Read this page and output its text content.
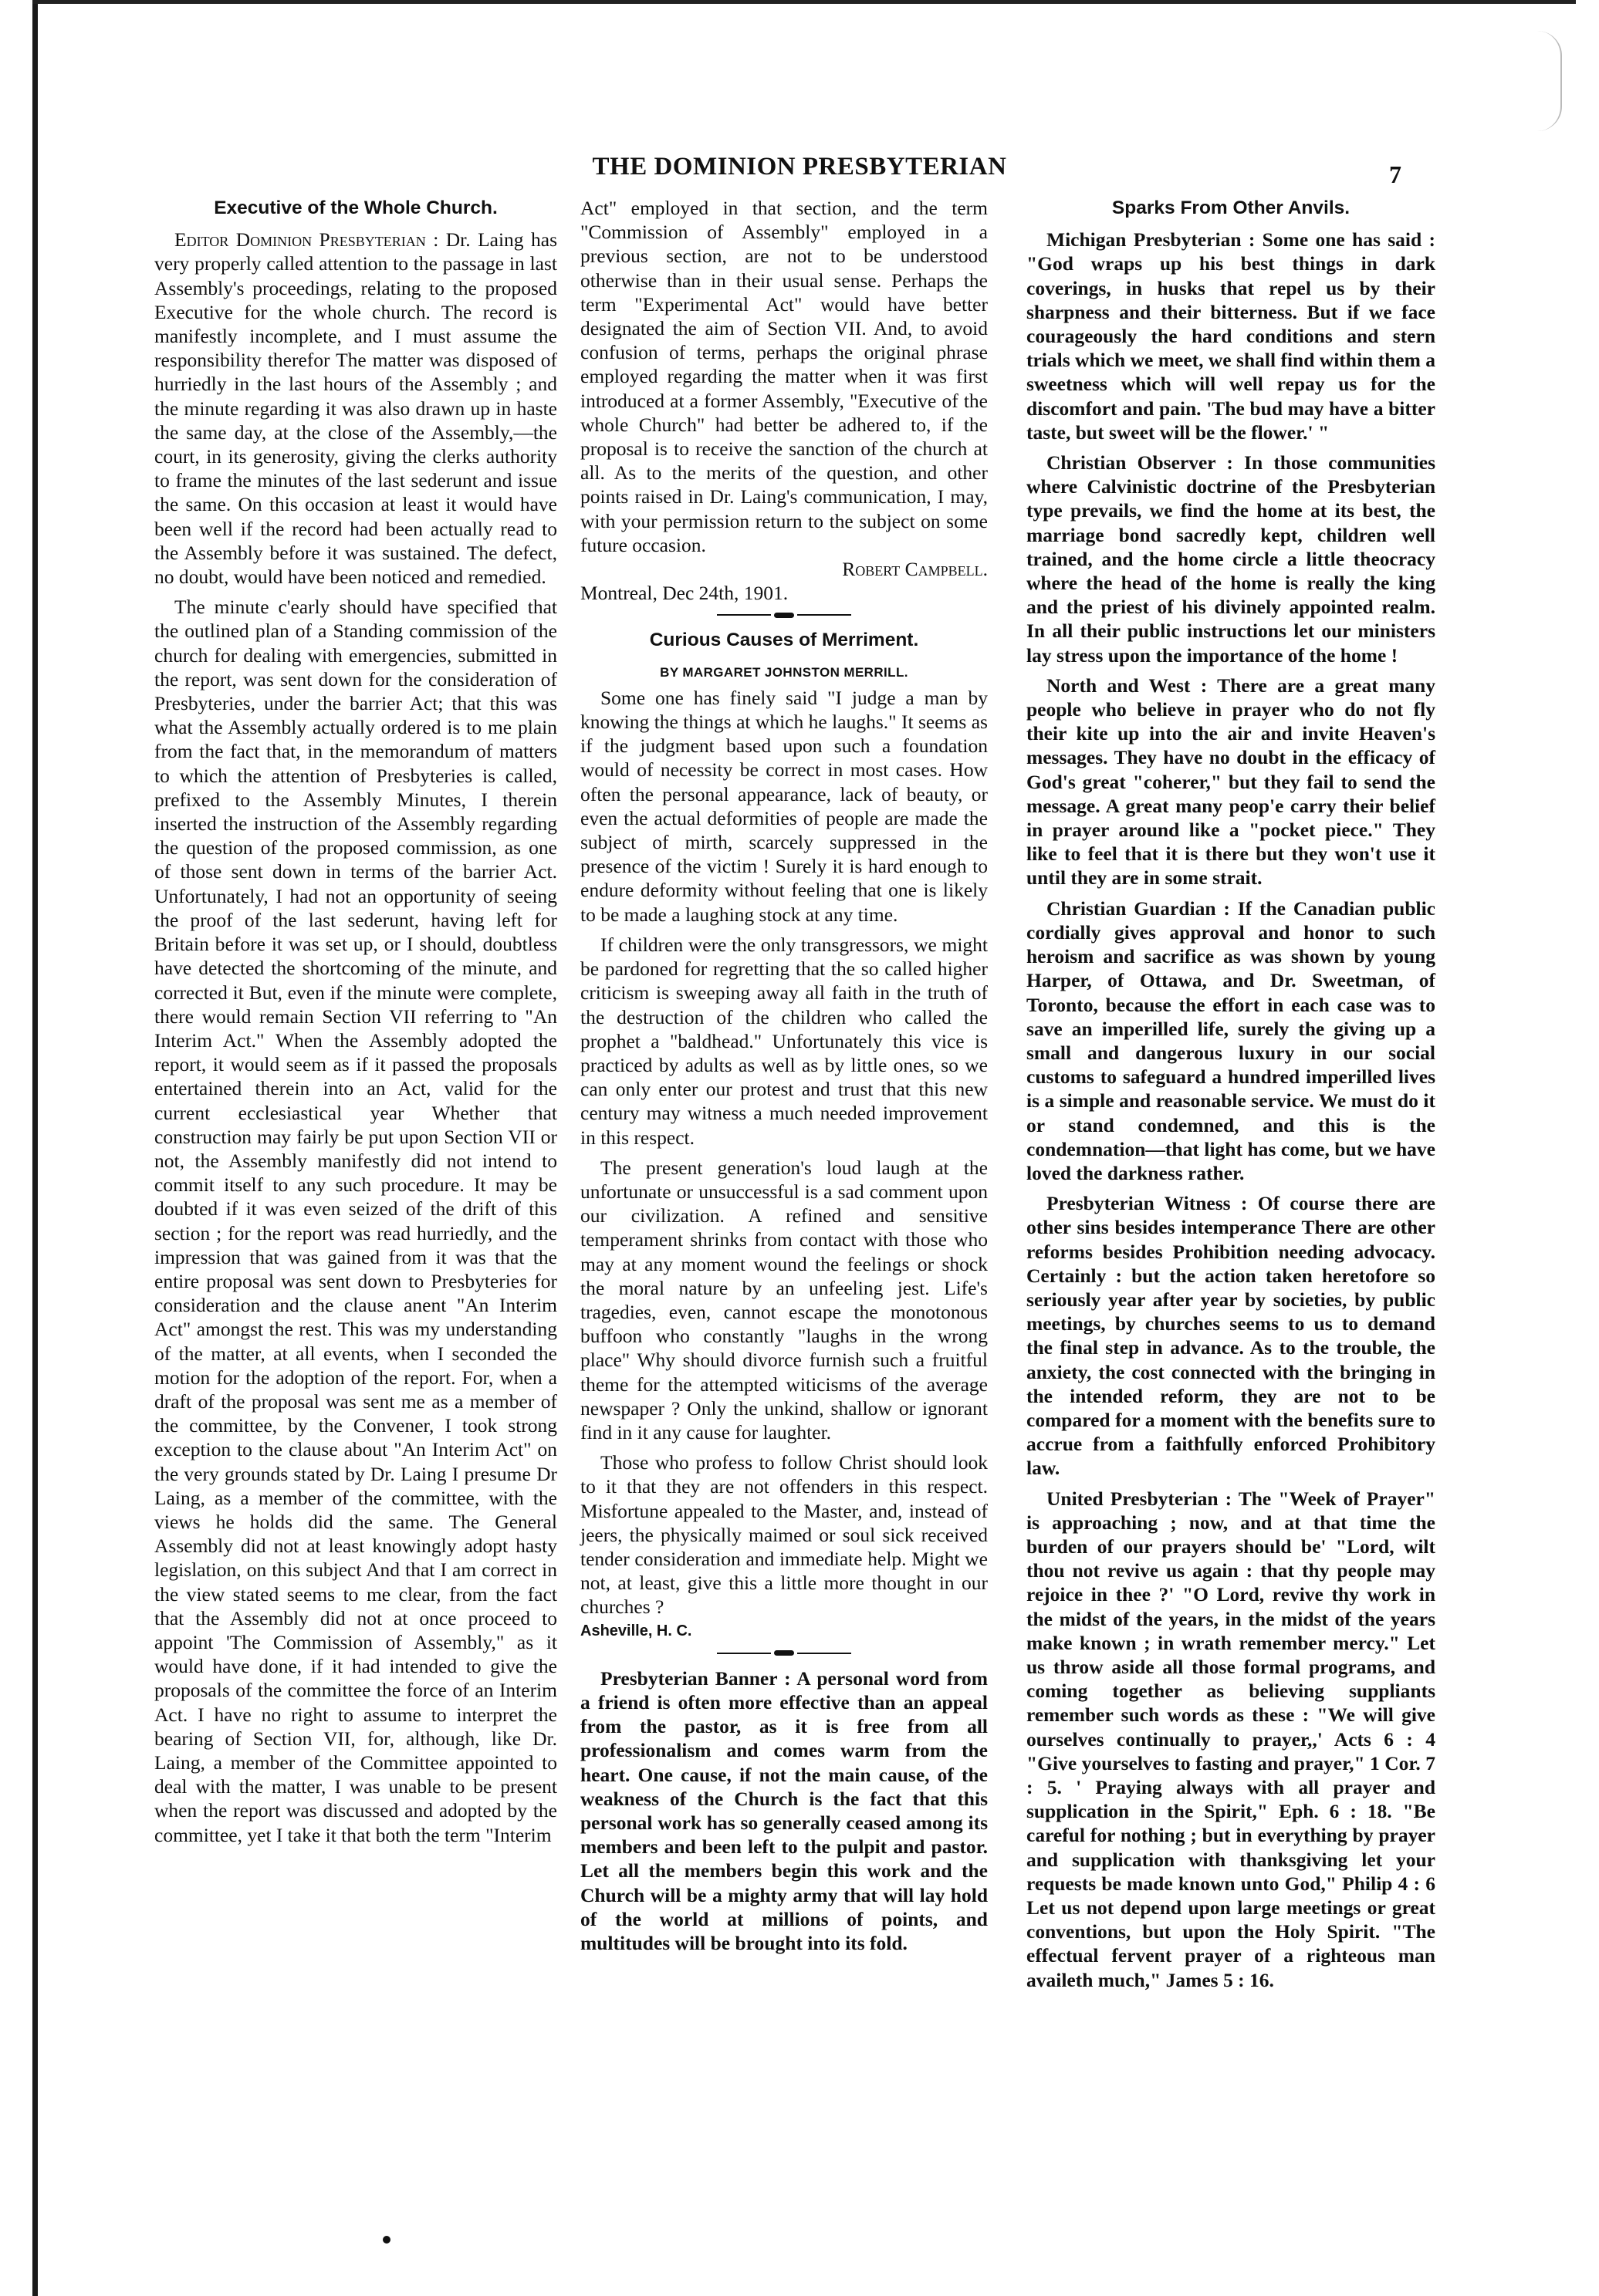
THE DOMINION PRESBYTERIAN	7
Executive of the Whole Church.

Editor Dominion Presbyterian : Dr. Laing has very properly called attention to the passage in last Assembly's proceedings, relating to the proposed Executive for the whole church. The record is manifestly incomplete, and I must assume the responsibility therefor The matter was disposed of hurriedly in the last hours of the Assembly ; and the minute regarding it was also drawn up in haste the same day, at the close of the Assembly,—the court, in its generosity, giving the clerks authority to frame the minutes of the last sederunt and issue the same. On this occasion at least it would have been well if the record had been actually read to the Assembly before it was sustained. The defect, no doubt, would have been noticed and remedied.

The minute c'early should have specified that the outlined plan of a Standing commission of the church for dealing with emergencies, submitted in the report, was sent down for the consideration of Presbyteries, under the barrier Act; that this was what the Assembly actually ordered is to me plain from the fact that, in the memorandum of matters to which the attention of Presbyteries is called, prefixed to the Assembly Minutes, I therein inserted the instruction of the Assembly regarding the question of the proposed commission, as one of those sent down in terms of the barrier Act. Unfortunately, I had not an opportunity of seeing the proof of the last sederunt, having left for Britain before it was set up, or I should, doubtless have detected the shortcoming of the minute, and corrected it But, even if the minute were complete, there would remain Section VII referring to "An Interim Act." When the Assembly adopted the report, it would seem as if it passed the proposals entertained therein into an Act, valid for the current ecclesiastical year Whether that construction may fairly be put upon Section VII or not, the Assembly manifestly did not intend to commit itself to any such procedure. It may be doubted if it was even seized of the drift of this section ; for the report was read hurriedly, and the impression that was gained from it was that the entire proposal was sent down to Presbyteries for consideration and the clause anent "An Interim Act" amongst the rest. This was my understanding of the matter, at all events, when I seconded the motion for the adoption of the report. For, when a draft of the proposal was sent me as a member of the committee, by the Convener, I took strong exception to the clause about "An Interim Act" on the very grounds stated by Dr. Laing I presume Dr Laing, as a member of the committee, with the views he holds did the same. The General Assembly did not at least knowingly adopt hasty legislation, on this subject And that I am correct in the view stated seems to me clear, from the fact that the Assembly did not at once proceed to appoint 'The Commission of Assembly," as it would have done, if it had intended to give the proposals of the committee the force of an Interim Act. I have no right to assume to interpret the bearing of Section VII, for, although, like Dr. Laing, a member of the Committee appointed to deal with the matter, I was unable to be present when the report was discussed and adopted by the committee, yet I take it that both the term "Interim

Act" employed in that section, and the term "Commission of Assembly" employed in a previous section, are not to be understood otherwise than in their usual sense. Perhaps the term "Experimental Act" would have better designated the aim of Section VII. And, to avoid confusion of terms, perhaps the original phrase employed regarding the matter when it was first introduced at a former Assembly, "Executive of the whole Church" had better be adhered to, if the proposal is to receive the sanction of the church at all. As to the merits of the question, and other points raised in Dr. Laing's communication, I may, with your permission return to the subject on some future occasion.

Robert Campbell.

Montreal, Dec 24th, 1901.

Curious Causes of Merriment.
BY MARGARET JOHNSTON MERRILL.

Some one has finely said "I judge a man by knowing the things at which he laughs." It seems as if the judgment based upon such a foundation would of necessity be correct in most cases. How often the personal appearance, lack of beauty, or even the actual deformities of people are made the subject of mirth, scarcely suppressed in the presence of the victim ! Surely it is hard enough to endure deformity without feeling that one is likely to be made a laughing stock at any time.

If children were the only transgressors, we might be pardoned for regretting that the so called higher criticism is sweeping away all faith in the truth of the destruction of the children who called the prophet a "baldhead." Unfortunately this vice is practiced by adults as well as by little ones, so we can only enter our protest and trust that this new century may witness a much needed improvement in this respect.

The present generation's loud laugh at the unfortunate or unsuccessful is a sad comment upon our civilization. A refined and sensitive temperament shrinks from contact with those who may at any moment wound the feelings or shock the moral nature by an unfeeling jest. Life's tragedies, even, cannot escape the monotonous buffoon who constantly "laughs in the wrong place" Why should divorce furnish such a fruitful theme for the attempted witicisms of the average newspaper ? Only the unkind, shallow or ignorant find in it any cause for laughter.

Those who profess to follow Christ should look to it that they are not offenders in this respect. Misfortune appealed to the Master, and, instead of jeers, the physically maimed or soul sick received tender consideration and immediate help. Might we not, at least, give this a little more thought in our churches ?

Asheville, H. C.

Presbyterian Banner : A personal word from a friend is often more effective than an appeal from the pastor, as it is free from all professionalism and comes warm from the heart. One cause, if not the main cause, of the weakness of the Church is the fact that this personal work has so generally ceased among its members and been left to the pulpit and pastor. Let all the members begin this work and the Church will be a mighty army that will lay hold of the world at millions of points, and multitudes will be brought into its fold.

Sparks From Other Anvils.

Michigan Presbyterian : Some one has said : "God wraps up his best things in dark coverings, in husks that repel us by their sharpness and their bitterness. But if we face courageously the hard conditions and stern trials which we meet, we shall find within them a sweetness which will well repay us for the discomfort and pain. 'The bud may have a bitter taste, but sweet will be the flower.' "

Christian Observer : In those communities where Calvinistic doctrine of the Presbyterian type prevails, we find the home at its best, the marriage bond sacredly kept, children well trained, and the home circle a little theocracy where the head of the home is really the king and the priest of his divinely appointed realm. In all their public instructions let our ministers lay stress upon the importance of the home !

North and West : There are a great many people who believe in prayer who do not fly their kite up into the air and invite Heaven's messages. They have no doubt in the efficacy of God's great "coherer," but they fail to send the message. A great many peop'e carry their belief in prayer around like a "pocket piece." They like to feel that it is there but they won't use it until they are in some strait.

Christian Guardian : If the Canadian public cordially gives approval and honor to such heroism and sacrifice as was shown by young Harper, of Ottawa, and Dr. Sweetman, of Toronto, because the effort in each case was to save an imperilled life, surely the giving up a small and dangerous luxury in our social customs to safeguard a hundred imperilled lives is a simple and reasonable service. We must do it or stand condemned, and this is the condemnation—that light has come, but we have loved the darkness rather.

Presbyterian Witness : Of course there are other sins besides intemperance There are other reforms besides Prohibition needing advocacy. Certainly : but the action taken heretofore so seriously year after year by societies, by public meetings, by churches seems to us to demand the final step in advance. As to the trouble, the anxiety, the cost connected with the bringing in the intended reform, they are not to be compared for a moment with the benefits sure to accrue from a faithfully enforced Prohibitory law.

United Presbyterian : The "Week of Prayer" is approaching ; now, and at that time the burden of our prayers should be' "Lord, wilt thou not revive us again : that thy people may rejoice in thee ?' "O Lord, revive thy work in the midst of the years, in the midst of the years make known ; in wrath remember mercy." Let us throw aside all those formal programs, and coming together as believing suppliants remember such words as these : "We will give ourselves continually to prayer,,' Acts 6 : 4 "Give yourselves to fasting and prayer," 1 Cor. 7 : 5. ' Praying always with all prayer and supplication in the Spirit," Eph. 6 : 18. "Be careful for nothing ; but in everything by prayer and supplication with thanksgiving let your requests be made known unto God," Philip 4 : 6 Let us not depend upon large meetings or great conventions, but upon the Holy Spirit. "The effectual fervent prayer of a righteous man availeth much," James 5 : 16.
